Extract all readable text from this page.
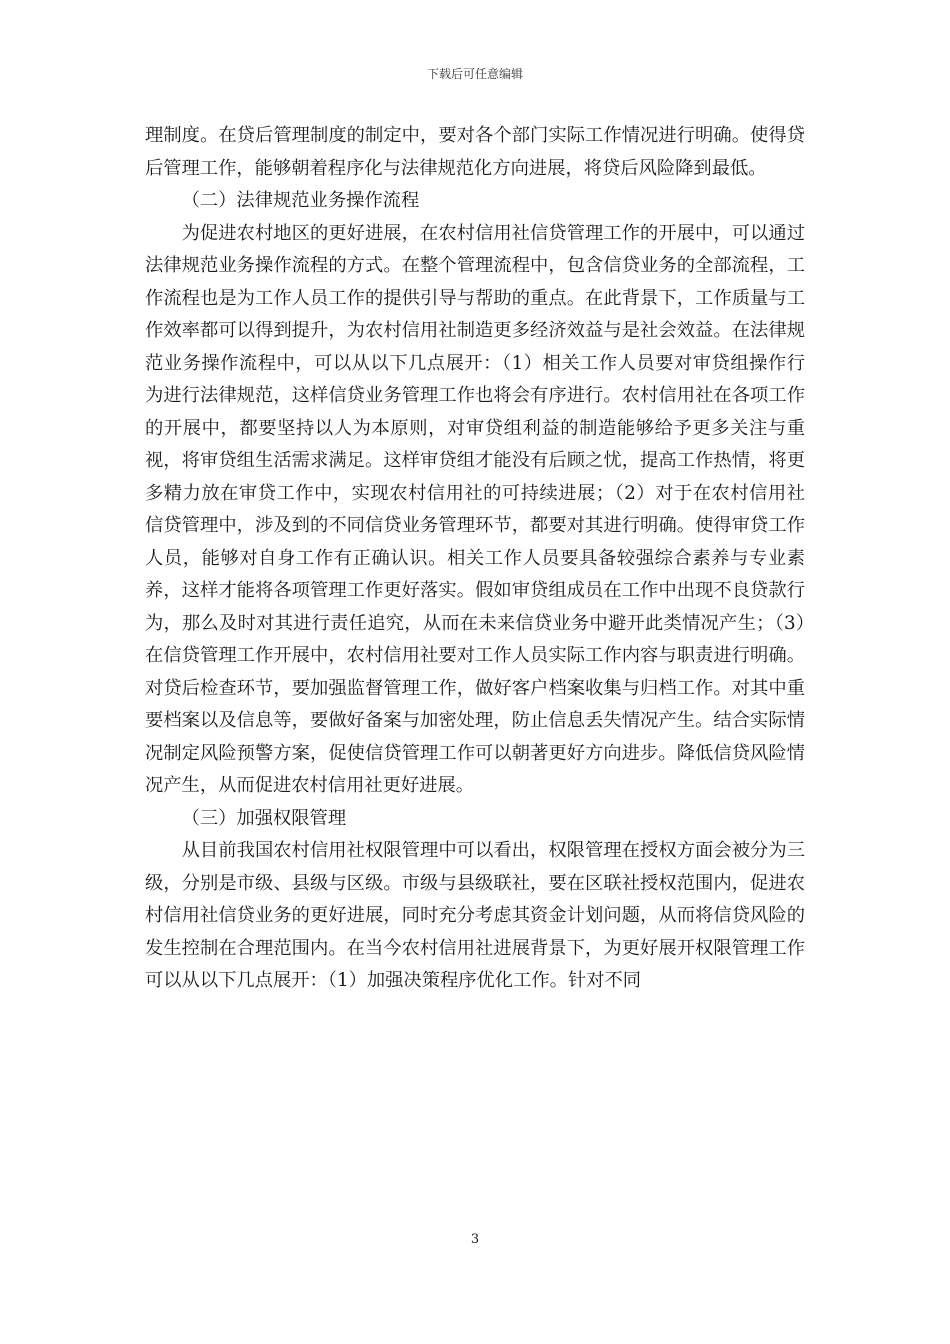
下载后可任意编辑

理制度。在贷后管理制度的制定中，要对各个部门实际工作情况进行明确。使得贷后管理工作，能够朝着程序化与法律规范化方向进展，将贷后风险降到最低。

（二）法律规范业务操作流程

为促进农村地区的更好进展，在农村信用社信贷管理工作的开展中，可以通过法律规范业务操作流程的方式。在整个管理流程中，包含信贷业务的全部流程，工作流程也是为工作人员工作的提供引导与帮助的重点。在此背景下，工作质量与工作效率都可以得到提升，为农村信用社制造更多经济效益与是社会效益。在法律规范业务操作流程中，可以从以下几点展开：（1）相关工作人员要对审贷组操作行为进行法律规范，这样信贷业务管理工作也将会有序进行。农村信用社在各项工作的开展中，都要坚持以人为本原则，对审贷组利益的制造能够给予更多关注与重视，将审贷组生活需求满足。这样审贷组才能没有后顾之忧，提高工作热情，将更多精力放在审贷工作中，实现农村信用社的可持续进展；（2）对于在农村信用社信贷管理中，涉及到的不同信贷业务管理环节，都要对其进行明确。使得审贷工作人员，能够对自身工作有正确认识。相关工作人员要具备较强综合素养与专业素养，这样才能将各项管理工作更好落实。假如审贷组成员在工作中出现不良贷款行为，那么及时对其进行责任追究，从而在未来信贷业务中避开此类情况产生；（3）在信贷管理工作开展中，农村信用社要对工作人员实际工作内容与职责进行明确。对贷后检查环节，要加强监督管理工作，做好客户档案收集与归档工作。对其中重要档案以及信息等，要做好备案与加密处理，防止信息丢失情况产生。结合实际情况制定风险预警方案，促使信贷管理工作可以朝著更好方向进步。降低信贷风险情况产生，从而促进农村信用社更好进展。

（三）加强权限管理

从目前我国农村信用社权限管理中可以看出，权限管理在授权方面会被分为三级，分别是市级、县级与区级。市级与县级联社，要在区联社授权范围内，促进农村信用社信贷业务的更好进展，同时充分考虑其资金计划问题，从而将信贷风险的发生控制在合理范围内。在当今农村信用社进展背景下，为更好展开权限管理工作可以从以下几点展开：（1）加强决策程序优化工作。针对不同

3
